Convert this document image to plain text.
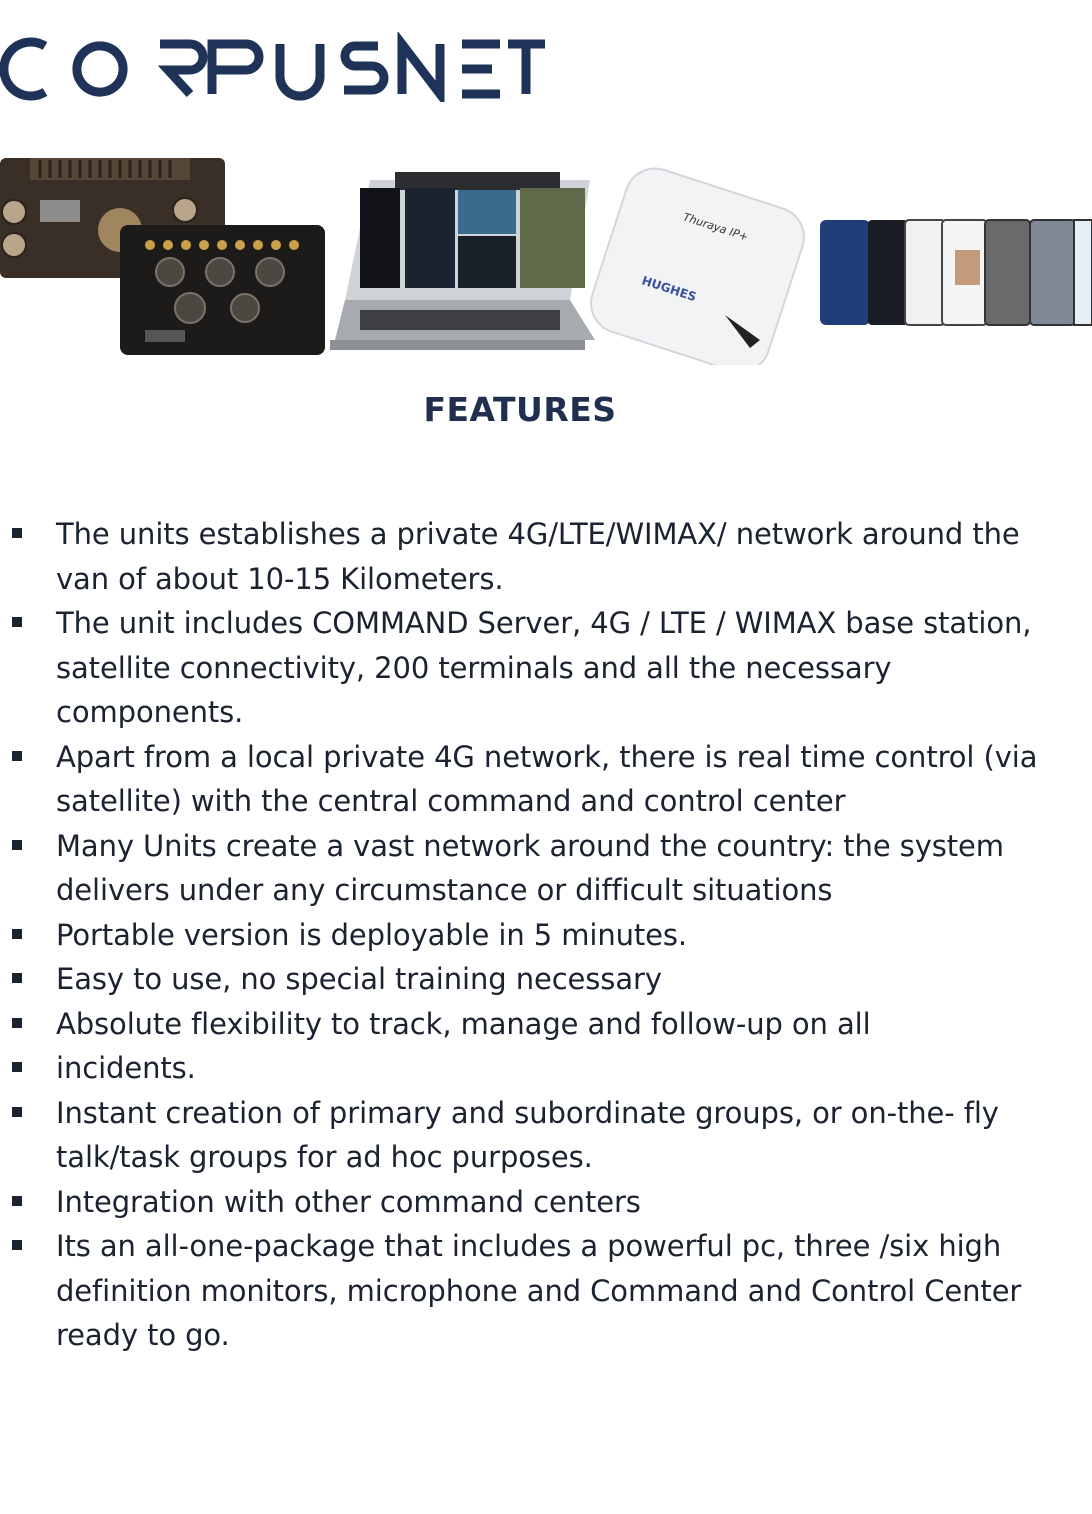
Thuraya IP+
HUGHES
FEATURES
The units establishes a private 4G/LTE/WIMAX/ network around the van of about 10-15 Kilometers.
The unit includes COMMAND Server, 4G / LTE / WIMAX base station, satellite connectivity, 200 terminals and all the necessary components.
Apart from a local private 4G network, there is real time control (via satellite) with the central command and control center
Many Units create a vast network around the country: the system delivers under any circumstance or difficult situations
Portable version is deployable in 5 minutes.
Easy to use, no special training necessary
Absolute flexibility to track, manage and follow-up on all
incidents.
Instant creation of primary and subordinate groups, or on-the- fly talk/task groups for ad hoc purposes.
Integration with other command centers
Its an all-one-package that includes a powerful pc, three /six high definition monitors, microphone and Command and Control Center ready to go.
